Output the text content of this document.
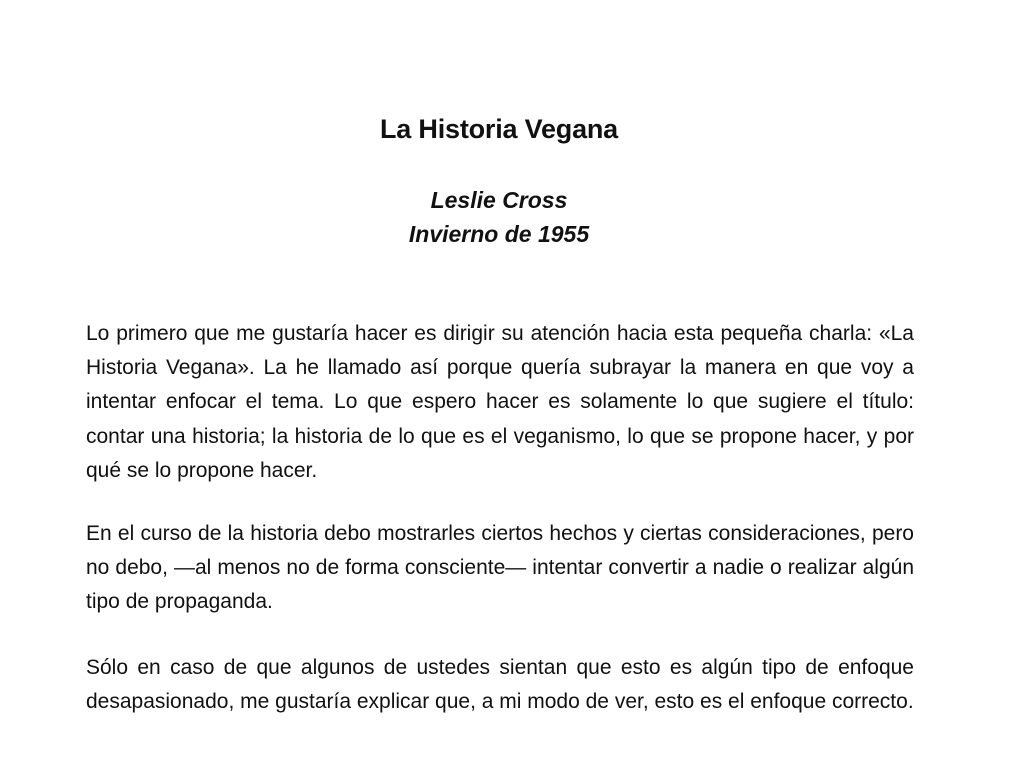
La Historia Vegana
Leslie Cross
Invierno de 1955

Lo primero que me gustaría hacer es dirigir su atención hacia esta pequeña charla: «La Historia Vegana». La he llamado así porque quería subrayar la manera en que voy a intentar enfocar el tema. Lo que espero hacer es solamente lo que sugiere el título: contar una historia; la historia de lo que es el veganismo, lo que se propone hacer, y por qué se lo propone hacer.

En el curso de la historia debo mostrarles ciertos hechos y ciertas consideraciones, pero no debo, —al menos no de forma consciente— intentar convertir a nadie o realizar algún tipo de propaganda.

Sólo en caso de que algunos de ustedes sientan que esto es algún tipo de enfoque desapasionado, me gustaría explicar que, a mi modo de ver, esto es el enfoque correcto.
